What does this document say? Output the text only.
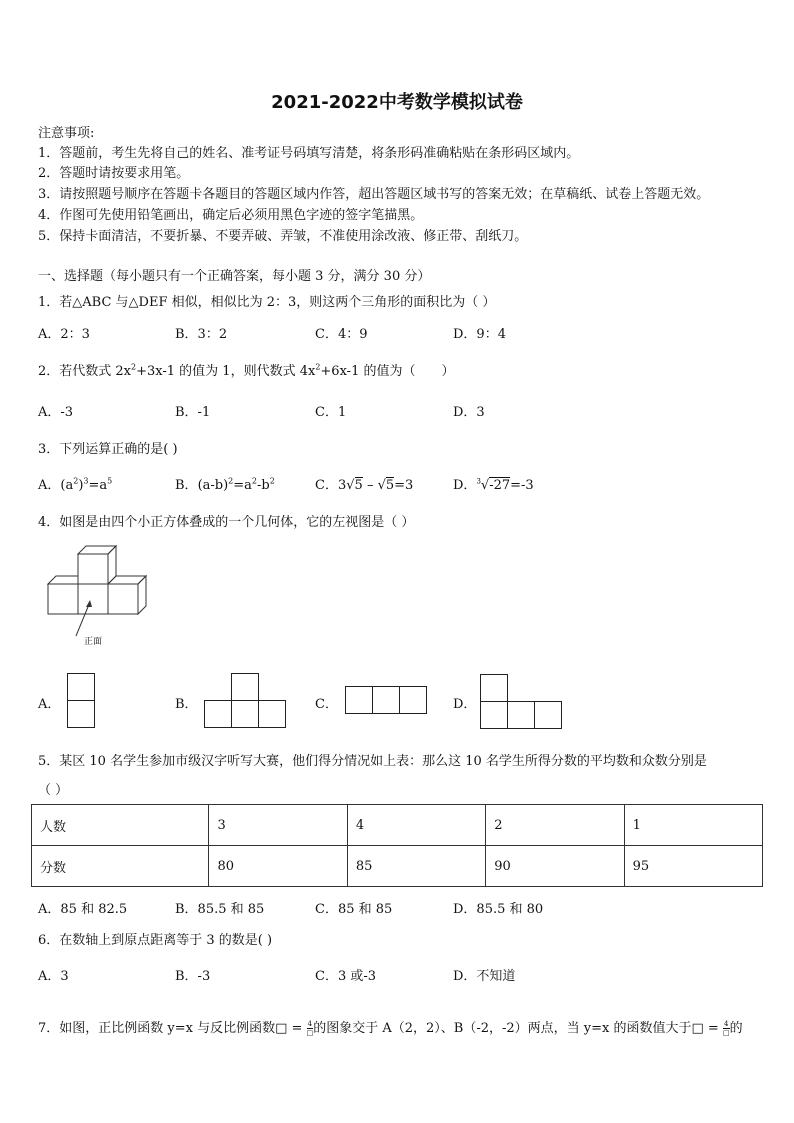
2021-2022中考数学模拟试卷
注意事项:
1．答题前，考生先将自己的姓名、准考证号码填写清楚，将条形码准确粘贴在条形码区域内。
2．答题时请按要求用笔。
3．请按照题号顺序在答题卡各题目的答题区域内作答，超出答题区域书写的答案无效；在草稿纸、试卷上答题无效。
4．作图可先使用铅笔画出，确定后必须用黑色字迹的签字笔描黑。
5．保持卡面清洁，不要折暴、不要弄破、弄皱，不准使用涂改液、修正带、刮纸刀。
一、选择题（每小题只有一个正确答案，每小题 3 分，满分 30 分）
1．若△ABC 与△DEF 相似，相似比为 2：3，则这两个三角形的面积比为（ ）
A．2：3	B．3：2	C．4：9	D．9：4
2．若代数式 $2x^2+3x-1$ 的值为 1，则代数式 $4x^2+6x-1$ 的值为（　　）
A．-3	B．-1	C．1	D．3
3．下列运算正确的是( )
A．$(a^2)^3=a^5$	B．$(a-b)^2=a^2-b^2$	C．3√5 – √5=3	D．$^3$√-27=-3
4．如图是由四个小正方体叠成的一个几何体，它的左视图是（ ）
正面
A．	B．	C．	D．
5．某区 10 名学生参加市级汉字听写大赛，他们得分情况如上表：那么这 10 名学生所得分数的平均数和众数分别是
（ ）
人数	3	4	2	1
分数	80	85	90	95
A．85 和 82.5	B．85.5 和 85	C．85 和 85	D．85.5 和 80
6．在数轴上到原点距离等于 3 的数是( )
A．3	B．-3	C．3 或-3	D．不知道
7．如图，正比例函数 y=x 与反比例函数□ = 4
□ 的图象交于 A（2，2）、B（-2，-2）两点，当 y=x 的函数值大于□ = 4
□ 的
